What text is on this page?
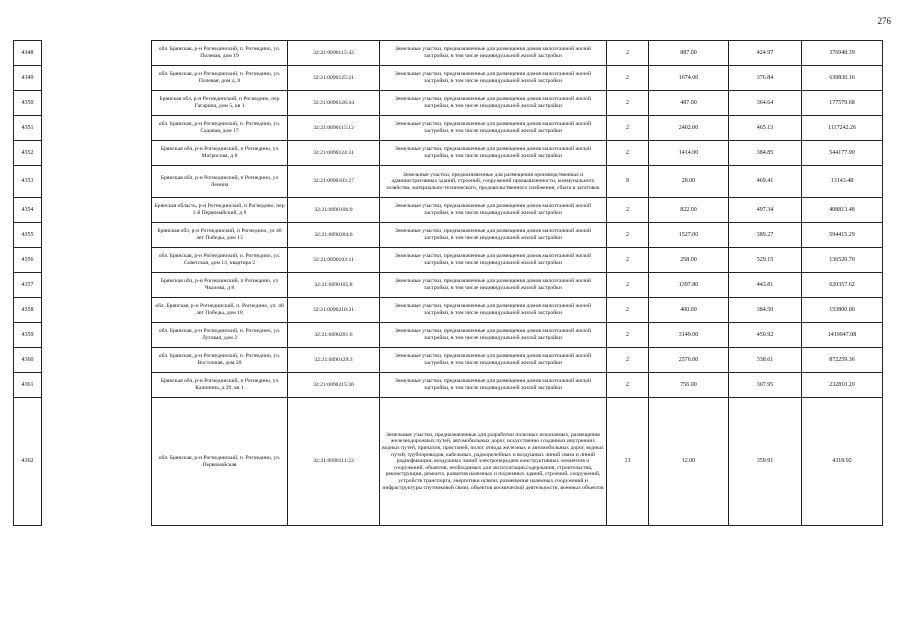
276
4348		обл. Брянская, р-н Рогнединский, п. Рогнедино, ул. Полевая, дом 19	32:21:0090115:42	Земельные участки, предназначенные для размещения домов малоэтажной жилой застройки, в том числе индивидуальной жилой застройки	2	887.00	424.97	376948.39
4349		обл. Брянская, р-н Рогнединский, п. Рогнедино, ул. Полевая, дом д. 8	32:21:0090125:21	Земельные участки, предназначенные для размещения домов малоэтажной жилой застройки, в том числе индивидуальной жилой застройки	2	1674.00	376.84	630830.16
4350		Брянская обл, р-н Рогнединский, п Рогнедино, пер Гагарина, дом 5, кв 1	32:21:0090126:34	Земельные участки, предназначенные для размещения домов малоэтажной жилой застройки, в том числе индивидуальной жилой застройки	2	487.00	364.64	177579.68
4351		обл. Брянская, р-н Рогнединский, п. Рогнедино, ул. Садовая, дом 17	32:21:0090115:12	Земельные участки, предназначенные для размещения домов малоэтажной жилой застройки, в том числе индивидуальной жилой застройки	2	2402.00	465.13	1117242.26
4352		Брянская обл, р-н Рогнединский, п Рогнедино, ул Матросова, д 8	32:21:0090124:31	Земельные участки, предназначенные для размещения домов малоэтажной жилой застройки, в том числе индивидуальной жилой застройки	2	1414.00	384.85	544177.90
4353		Брянская обл, р-н Рогнединский, п Рогнедино, ул Ленина	32:21:0090103:27	Земельные участки, предназначенные для размещения производственных и административных зданий, строений, сооружений промышленности, коммунального хозяйства, материально-технического, продовольственного снабжения, сбыта и заготовок	9	28.00	469.41	13143.48
4354		Брянская область, р-н Рогнединский, п Рогнедино, пер 1-й Первомайский, д 8	32:21:0090106:9	Земельные участки, предназначенные для размещения домов малоэтажной жилой застройки, в том числе индивидуальной жилой застройки	2	822.00	497.34	408813.48
4355		Брянская обл, р-н Рогнединский, п Рогнедино, ул 40 лет Победы, дом 13	32:21:0090204:6	Земельные участки, предназначенные для размещения домов малоэтажной жилой застройки, в том числе индивидуальной жилой застройки	2	1527.00	389.27	594415.29
4356		обл. Брянская, р-н Рогнединский, п. Рогнедино, ул. Советская, дом 13, квартира 2	32:21:0090103:11	Земельные участки, предназначенные для размещения домов малоэтажной жилой застройки, в том числе индивидуальной жилой застройки	2	258.00	529.15	136520.70
4357		Брянская обл, р-н Рогнединский, п Рогнедино, ул Чкалова, д 8	32:21:0090105:8	Земельные участки, предназначенные для размещения домов малоэтажной жилой застройки, в том числе индивидуальной жилой застройки	2	1397.80	443.81	620357.62
4358		обл. Брянская, р-н Рогнединский, п. Рогнедино, ул. 40 лет Победы, дом 18	32:21:0090210:21	Земельные участки, предназначенные для размещения домов малоэтажной жилой застройки, в том числе индивидуальной жилой застройки	2	400.00	384.50	153800.00
4359		обл. Брянская, р-н Рогнединский, п. Рогнедино, ул. Луговая, дом 2	32:21:0090201:6	Земельные участки, предназначенные для размещения домов малоэтажной жилой застройки, в том числе индивидуальной жилой застройки	2	3149.00	450.92	1419947.08
4360		обл. Брянская, р-н Рогнединский, п. Рогнедино, ул. Восточная, дом 20	32:21:0090129:3	Земельные участки, предназначенные для размещения домов малоэтажной жилой застройки, в том числе индивидуальной жилой застройки	2	2576.00	338.61	872259.36
4361		Брянская обл, р-н Рогнединский, п Рогнедино, ул Калинина, д 29, кв 1	32:21:0090215:36	Земельные участки, предназначенные для размещения домов малоэтажной жилой застройки, в том числе индивидуальной жилой застройки	2	756.00	307.95	232810.20
4362		обл. Брянская, р-н Рогнединский, п. Рогнедино, ул. Первомайская	32:21:0090111:23	Земельные участки, предназначенные для разработки полезных ископаемых, размещения железнодорожных путей, автомобильных дорог, искусственно созданных внутренних водных путей, причалов, пристаней, полос отвода железных и автомобильных дорог, водных путей, трубопроводов, кабельных, радиорелейных и воздушных линий связи и линий радиофикации, воздушных линий электропередачи конструктивных элементов и сооружений, объектов, необходимых для эксплуатации,содержания, строительства, реконструкции, ремонта, развития наземных и подземных зданий, строений, сооружений, устройств транспорта, энергетики исвязи; размещения наземных сооружений и инфраструктуры спутниковой связи, объектов космической деятельности, военных объектов	13	12.00	359.91	4318.92
